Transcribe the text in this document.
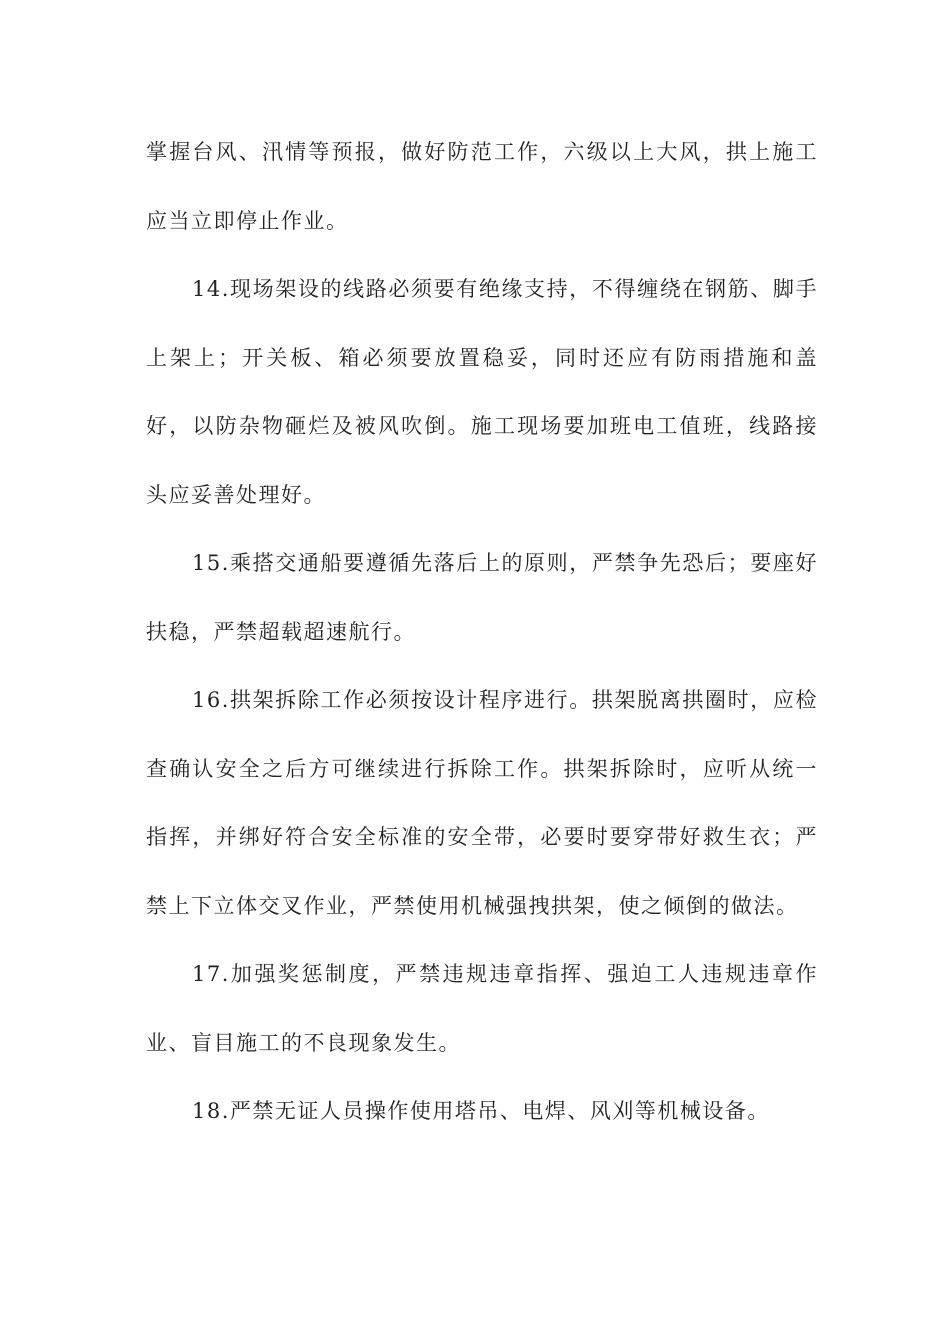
掌握台风、汛情等预报，做好防范工作，六级以上大风，拱上施工应当立即停止作业。

14.现场架设的线路必须要有绝缘支持，不得缠绕在钢筋、脚手上架上；开关板、箱必须要放置稳妥，同时还应有防雨措施和盖好，以防杂物砸烂及被风吹倒。施工现场要加班电工值班，线路接头应妥善处理好。

15.乘搭交通船要遵循先落后上的原则，严禁争先恐后；要座好扶稳，严禁超载超速航行。

16.拱架拆除工作必须按设计程序进行。拱架脱离拱圈时，应检查确认安全之后方可继续进行拆除工作。拱架拆除时，应听从统一指挥，并绑好符合安全标准的安全带，必要时要穿带好救生衣；严禁上下立体交叉作业，严禁使用机械强拽拱架，使之倾倒的做法。

17.加强奖惩制度，严禁违规违章指挥、强迫工人违规违章作业、盲目施工的不良现象发生。

18.严禁无证人员操作使用塔吊、电焊、风刈等机械设备。
